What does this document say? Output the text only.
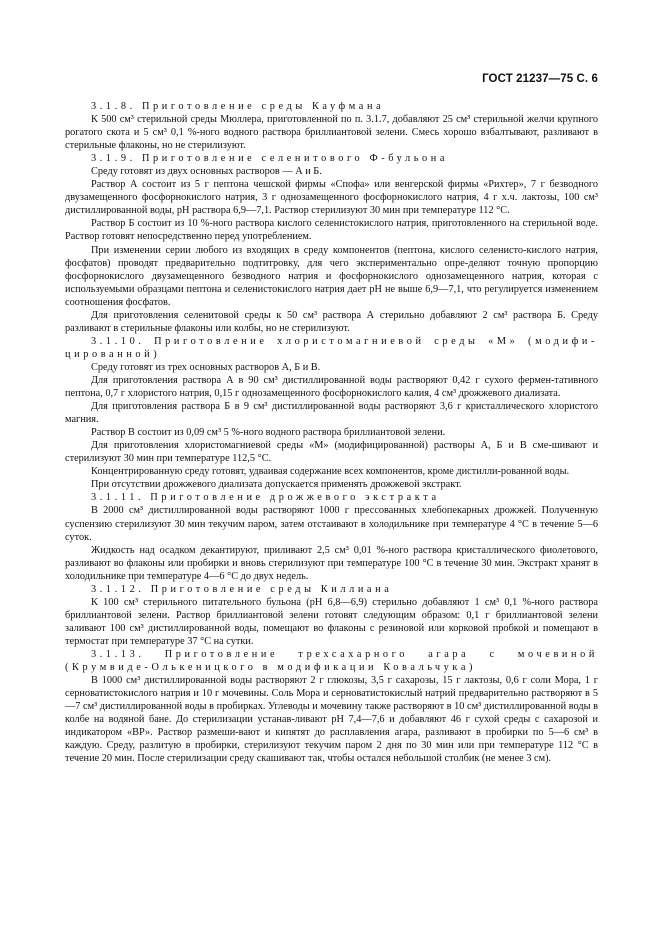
ГОСТ 21237—75 С. 6

3.1.8. Приготовление среды Кауфмана

К 500 см³ стерильной среды Мюллера, приготовленной по п. 3.1.7, добавляют 25 см³ стерильной желчи крупного рогатого скота и 5 см³ 0,1 %-ного водного раствора бриллиантовой зелени. Смесь хорошо взбалтывают, разливают в стерильные флаконы, но не стерилизуют.

3.1.9. Приготовление селенитового Ф-бульона

Среду готовят из двух основных растворов — А и Б.

Раствор А состоит из 5 г пептона чешской фирмы «Спофа» или венгерской фирмы «Рихтер», 7 г безводного двузамещенного фосфорнокислого натрия, 3 г однозамещенного фосфорнокислого натрия, 4 г х.ч. лактозы, 100 см³ дистиллированной воды, рН раствора 6,9—7,1. Раствор стерилизуют 30 мин при температуре 112 °С.

Раствор Б состоит из 10 %-ного раствора кислого селенистокислого натрия, приготовленного на стерильной воде. Раствор готовят непосредственно перед употреблением.

При изменении серии любого из входящих в среду компонентов (пептона, кислого селенисто-кислого натрия, фосфатов) проводят предварительно подтитровку, для чего экспериментально опре-деляют точную пропорцию фосфорнокислого двузамещенного безводного натрия и фосфорнокислого однозамещенного натрия, которая с используемыми образцами пептона и селенистокислого натрия дает рН не выше 6,9—7,1, что регулируется изменением соотношения фосфатов.

Для приготовления селенитовой среды к 50 см³ раствора А стерильно добавляют 2 см³ раствора Б. Среду разливают в стерильные флаконы или колбы, но не стерилизуют.

3.1.10. Приготовление хлористомагниевой среды «М» (модифи-цированной)

Среду готовят из трех основных растворов А, Б и В.

Для приготовления раствора А в 90 см³ дистиллированной воды растворяют 0,42 г сухого фермен-тативного пептона, 0,7 г хлористого натрия, 0,15 г однозамещенного фосфорнокислого калия, 4 см³ дрожжевого диализата.

Для приготовления раствора Б в 9 см³ дистиллированной воды растворяют 3,6 г кристаллического хлористого магния.

Раствор В состоит из 0,09 см³ 5 %-ного водного раствора бриллиантовой зелени.

Для приготовления хлористомагниевой среды «М» (модифицированной) растворы А, Б и В сме-шивают и стерилизуют 30 мин при температуре 112,5 °С.

Концентрированную среду готовят, удваивая содержание всех компонентов, кроме дистилли-рованной воды.

При отсутствии дрожжевого диализата допускается применять дрожжевой экстракт.

3.1.11. Приготовление дрожжевого экстракта

В 2000 см³ дистиллированной воды растворяют 1000 г прессованных хлебопекарных дрожжей. Полученную суспензию стерилизуют 30 мин текучим паром, затем отстаивают в холодильнике при температуре 4 °С в течение 5—6 суток.

Жидкость над осадком декантируют, приливают 2,5 см³ 0,01 %-ного раствора кристаллического фиолетового, разливают во флаконы или пробирки и вновь стерилизуют при температуре 100 °С в течение 30 мин. Экстракт хранят в холодильнике при температуре 4—6 °С до двух недель.

3.1.12. Приготовление среды Киллиана

К 100 см³ стерильного питательного бульона (рН 6,8—6,9) стерильно добавляют 1 см³ 0,1 %-ного раствора бриллиантовой зелени. Раствор бриллиантовой зелени готовят следующим образом: 0,1 г бриллиантовой зелени заливают 100 см³ дистиллированной воды, помещают во флаконы с резиновой или корковой пробкой и помещают в термостат при температуре 37 °С на сутки.

3.1.13. Приготовление трехсахарного агара с мочевиной (Крумвиде-Олькеницкого в модификации Ковальчука)

В 1000 см³ дистиллированной воды растворяют 2 г глюкозы, 3,5 г сахарозы, 15 г лактозы, 0,6 г соли Мора, 1 г серноватистокислого натрия и 10 г мочевины. Соль Мора и серноватистокислый натрий предварительно растворяют в 5—7 см³ дистиллированной воды в пробирках. Углеводы и мочевину также растворяют в 10 см³ дистиллированной воды в колбе на водяной бане. До стерилизации устанав-ливают рН 7,4—7,6 и добавляют 46 г сухой среды с сахарозой и индикатором «ВР». Раствор размеши-вают и кипятят до расплавления агара, разливают в пробирки по 5—6 см³ в каждую. Среду, разлитую в пробирки, стерилизуют текучим паром 2 дня по 30 мин или при температуре 112 °С в течение 20 мин. После стерилизации среду скашивают так, чтобы остался небольшой столбик (не менее 3 см).
